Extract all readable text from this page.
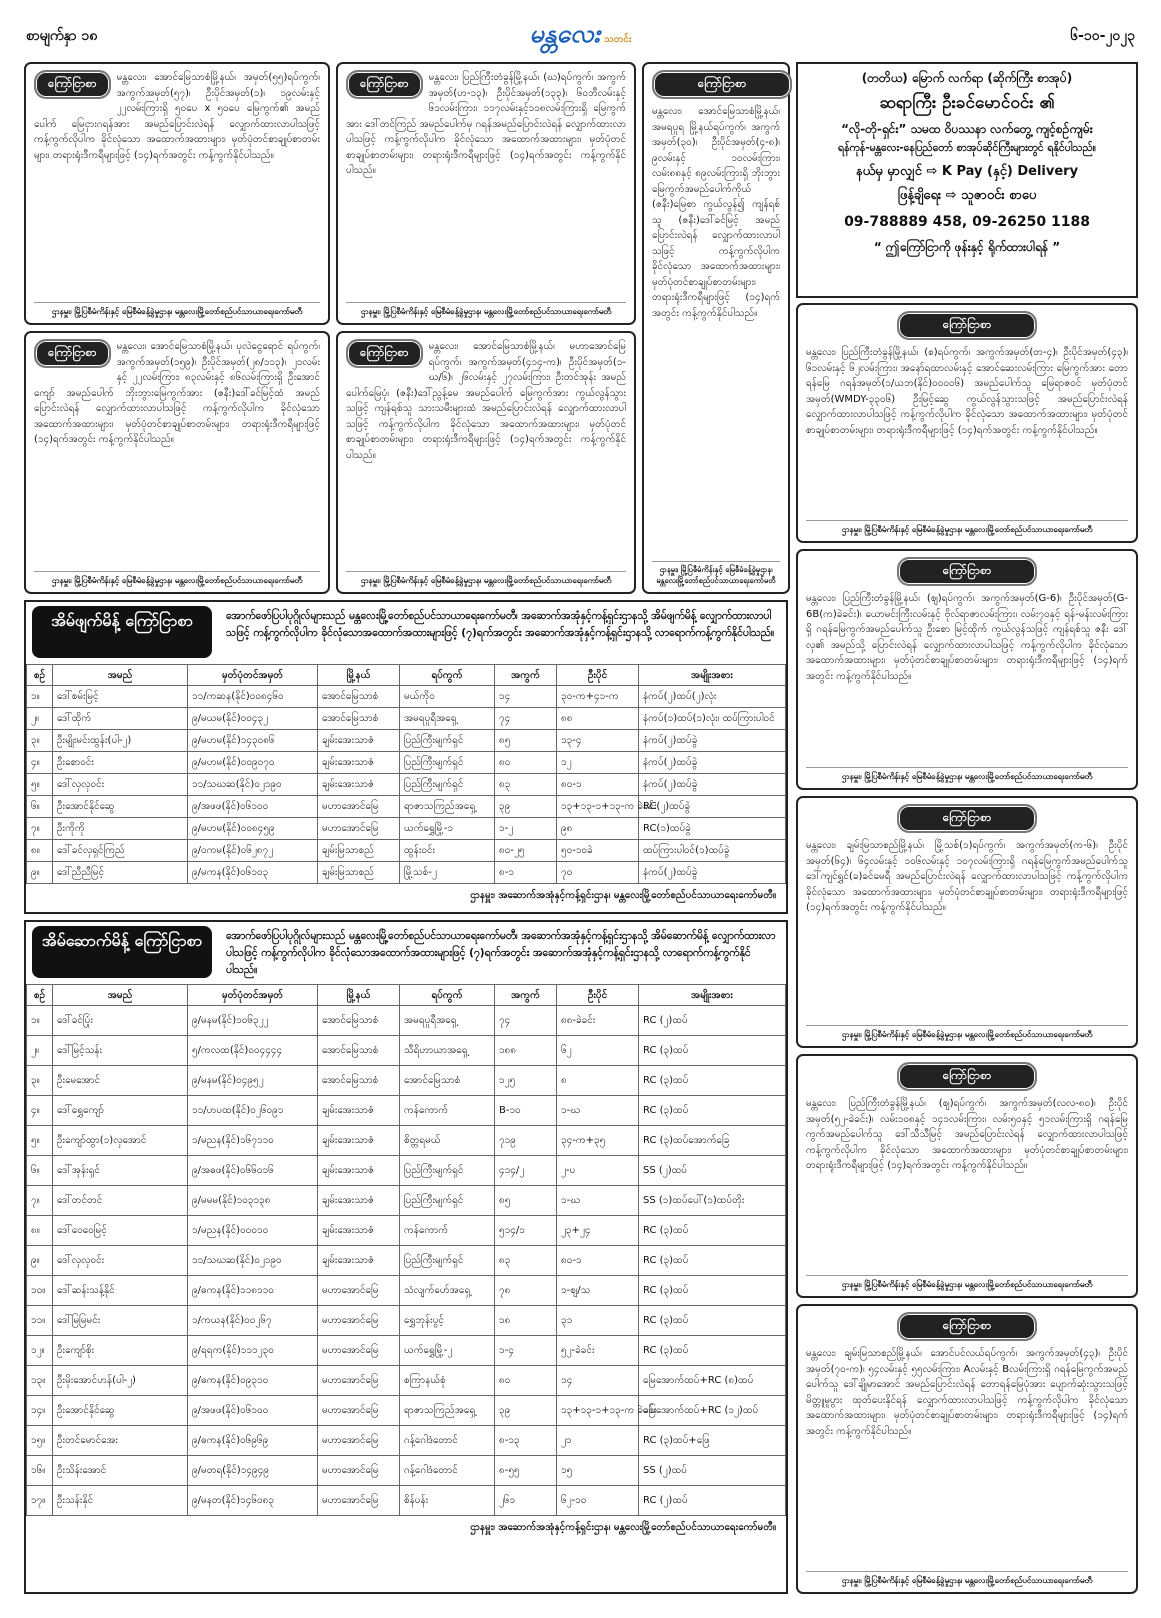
စာမျက်နှာ ၁၈	မန္တလေး သတင်း	၆-၁၀-၂၀၂၃
ကြော်ငြာစာ	မန္တလေး၊ အောင်မြေသာစံမြို့နယ်၊ အမှတ်(၅၅)ရပ်ကွက်၊ အကွက်အမှတ်(၅၇)၊ ဦးပိုင်အမှတ်(၁)၊ ၁၉လမ်းနှင့် ၂၂လမ်းကြားရှိ ၅၀ပေ x ၅၀ပေ မြေကွက်၏ အမည်ပေါက် မြေငှားဂရန်အား အမည်ပြောင်းလဲရန် လျှောက်ထားလာပါသဖြင့် ကန့်ကွက်လိုပါက ခိုင်လုံသော အထောက်အထားများ၊ မှတ်ပုံတင်စာချုပ်စာတမ်းများ၊ တရားရုံးဒီကရီများဖြင့် (၁၄)ရက်အတွင်း ကန့်ကွက်နိုင်ပါသည်။
ဌာနမှူး၊ မြို့ပြစီမံကိန်းနှင့် မြေစီမံခန့်ခွဲမှုဌာန၊ မန္တလေးမြို့တော်စည်ပင်သာယာရေးကော်မတီ
ကြော်ငြာစာ	မန္တလေး၊ ပြည်ကြီးတံခွန်မြို့နယ်၊ (ဃ)ရပ်ကွက်၊ အကွက်အမှတ်(ဟ-၁၃)၊ ဦးပိုင်အမှတ်(၁၃၃)၊ ၆၀ဘီလမ်းနှင့် ၆၁လမ်းကြား၊ ၁၁၇လမ်းနှင့်၁၁၈လမ်းကြားရှိ မြေကွက်အား ဒေါ်တင်ကြည် အမည်ပေါက်မှ ဂရန်အမည်ပြောင်းလဲရန် လျှောက်ထားလာပါသဖြင့် ကန့်ကွက်လိုပါက ခိုင်လုံသော အထောက်အထားများ၊ မှတ်ပုံတင်စာချုပ်စာတမ်းများ၊ တရားရုံးဒီကရီများဖြင့် (၁၄)ရက်အတွင်း ကန့်ကွက်နိုင်ပါသည်။
ဌာနမှူး၊ မြို့ပြစီမံကိန်းနှင့် မြေစီမံခန့်ခွဲမှုဌာန၊ မန္တလေးမြို့တော်စည်ပင်သာယာရေးကော်မတီ
ကြော်ငြာစာ
မန္တလေး၊ အောင်မြေသာစံမြို့နယ်၊ အမရပူရ မြို့နယ်ရပ်ကွက်၊ အကွက်အမှတ်(၃၀)၊ ဦးပိုင်အမှတ်(၄-၈)၊ ၉လမ်းနှင့် ၁၀လမ်းကြား၊ လမ်း၈၈နှင့် ၈၉လမ်းကြားရှိ ဘိုးဘွား မြေကွက်အမည်ပေါက်ကိုယ် (ဇနီး)မြေစာ ကွယ်လွန်၍ ကျန်ရစ်သူ (ဇနီး)ဒေါ်ခင်မြင့် အမည်ပြောင်းလဲရန် လျှောက်ထားလာပါသဖြင့် ကန့်ကွက်လိုပါက ခိုင်လုံသော အထောက်အထားများ၊ မှတ်ပုံတင်စာချုပ်စာတမ်းများ၊ တရားရုံးဒီကရီများဖြင့် (၁၄)ရက်အတွင်း ကန့်ကွက်နိုင်ပါသည်။
ဌာနမှူး၊ မြို့ပြစီမံကိန်းနှင့် မြေစီမံခန့်ခွဲမှုဌာန၊ မန္တလေးမြို့တော်စည်ပင်သာယာရေးကော်မတီ
ကြော်ငြာစာ	မန္တလေး၊ အောင်မြေသာစံမြို့နယ်၊ ပုလဲငွေရောင် ရပ်ကွက်၊ အကွက်အမှတ်(၁၅၉)၊ ဦးပိုင်အမှတ်(၂၈/၁၁၃)၊ ၂၁လမ်းနှင့် ၂၂လမ်းကြား၊ ၈၃လမ်းနှင့် ၈၆လမ်းကြားရှိ ဦးအောင်ကျော် အမည်ပေါက် ဘိုးဘွားမြေကွက်အား (ဇနီး)ဒေါ်ခင်မြင့်ထံ အမည်ပြောင်းလဲရန် လျှောက်ထားလာပါသဖြင့် ကန့်ကွက်လိုပါက ခိုင်လုံသော အထောက်အထားများ၊ မှတ်ပုံတင်စာချုပ်စာတမ်းများ၊ တရားရုံးဒီကရီများဖြင့် (၁၄)ရက်အတွင်း ကန့်ကွက်နိုင်ပါသည်။
ဌာနမှူး၊ မြို့ပြစီမံကိန်းနှင့် မြေစီမံခန့်ခွဲမှုဌာန၊ မန္တလေးမြို့တော်စည်ပင်သာယာရေးကော်မတီ
ကြော်ငြာစာ	မန္တလေး၊ အောင်မြေသာစံမြို့နယ်၊ မဟာအောင်မြေ ရပ်ကွက်၊ အကွက်အမှတ်(၄၁၄-က)၊ ဦးပိုင်အမှတ်(၁-ဃ/၆)၊ ၂၆လမ်းနှင့် ၂၇လမ်းကြား၊ ဦးတင်အုန်း အမည်ပေါက်မြေပုံ၊ (ဇနီး)ဒေါ်ညွန့်မေ အမည်ပေါက် မြေကွက်အား ကွယ်လွန်သွားသဖြင့် ကျန်ရစ်သူ သားသမီးများထံ အမည်ပြောင်းလဲရန် လျှောက်ထားလာပါသဖြင့် ကန့်ကွက်လိုပါက ခိုင်လုံသော အထောက်အထားများ၊ မှတ်ပုံတင်စာချုပ်စာတမ်းများ၊ တရားရုံးဒီကရီများဖြင့် (၁၄)ရက်အတွင်း ကန့်ကွက်နိုင်ပါသည်။
ဌာနမှူး၊ မြို့ပြစီမံကိန်းနှင့် မြေစီမံခန့်ခွဲမှုဌာန၊ မန္တလေးမြို့တော်စည်ပင်သာယာရေးကော်မတီ
(တတိယ) မြောက် လက်ရာ (ဆိုက်ကြီး စာအုပ်)
ဆရာကြီး ဦးခင်မောင်ဝင်း ၏
“လို-တို-ရှင်း” သမထ ဝိပဿနာ လက်တွေ့ ကျင့်စဉ်ကျမ်း
ရန်ကုန်-မန္တလေး-နေပြည်တော် စာအုပ်ဆိုင်ကြီးများတွင် ရနိုင်ပါသည်။
နယ်မှ မှာလျှင် ⇨ K Pay (နှင့်) Delivery
ဖြန့်ချိရေး ⇨ သူဇာဝင်း စာပေ
09-788889 458, 09-26250 1188
“ ဤကြော်ငြာကို ဖုန်းနှင့် ရိုက်ထားပါရန် ”
ကြော်ငြာစာ
မန္တလေး၊ ပြည်ကြီးတံခွန်မြို့နယ်၊ (စ)ရပ်ကွက်၊ အကွက်အမှတ်(တ-၄)၊ ဦးပိုင်အမှတ်(၄၃)၊ ၆၁လမ်းနှင့် ၆၂လမ်းကြား၊ အနော်ရထာလမ်းနှင့် အောင်ဆေးလမ်းကြား မြေကွက်အား တောရန်မြေ ဂရန်အမှတ်(၁/ယဘ(နိုင်)၀၀၀၀၆) အမည်ပေါက်သူ မြေရာဇဝင် မှတ်ပုံတင်အမှတ်(WMDY-၃၃၀၆) ဦးမြင့်ဆွေ ကွယ်လွန်သွားသဖြင့် အမည်ပြောင်းလဲရန် လျှောက်ထားလာပါသဖြင့် ကန့်ကွက်လိုပါက ခိုင်လုံသော အထောက်အထားများ၊ မှတ်ပုံတင်စာချုပ်စာတမ်းများ၊ တရားရုံးဒီကရီများဖြင့် (၁၄)ရက်အတွင်း ကန့်ကွက်နိုင်ပါသည်။
ဌာနမှူး၊ မြို့ပြစီမံကိန်းနှင့် မြေစီမံခန့်ခွဲမှုဌာန၊ မန္တလေးမြို့တော်စည်ပင်သာယာရေးကော်မတီ
ကြော်ငြာစာ
မန္တလေး၊ ပြည်ကြီးတံခွန်မြို့နယ်၊ (ဈ)ရပ်ကွက်၊ အကွက်အမှတ်(G-6)၊ ဦးပိုင်အမှတ်(G-6B(က)ခဲခင်း)၊ ယောမင်းကြီးလမ်းနှင့် ဗိုလ်ရာဇာလမ်းကြား၊ လမ်း၇၀နှင့် ရန်-မန်းလမ်းကြားရှိ ဂရန်မြေကွက်အမည်ပေါက်သူ ဦးစော မြင့်ထိုက် ကွယ်လွန်သဖြင့် ကျန်ရစ်သူ ဇနီး ဒေါ်လှ၏ အမည်သို့ ပြောင်းလဲရန် လျှောက်ထားလာပါသဖြင့် ကန့်ကွက်လိုပါက ခိုင်လုံသော အထောက်အထားများ၊ မှတ်ပုံတင်စာချုပ်စာတမ်းများ၊ တရားရုံးဒီကရီများဖြင့် (၁၄)ရက်အတွင်း ကန့်ကွက်နိုင်ပါသည်။
ဌာနမှူး၊ မြို့ပြစီမံကိန်းနှင့် မြေစီမံခန့်ခွဲမှုဌာန၊ မန္တလေးမြို့တော်စည်ပင်သာယာရေးကော်မတီ
ကြော်ငြာစာ
မန္တလေး၊ ချမ်းမြသာစည်မြို့နယ်၊ မြို့သစ်(၁)ရပ်ကွက်၊ အကွက်အမှတ်(က-၆)၊ ဦးပိုင်အမှတ်(၆၄)၊ ၆၄လမ်းနှင့် ၁၀၆လမ်းနှင့် ၁၀၇လမ်းကြားရှိ ဂရန်မြေကွက်အမည်ပေါက်သူ ဒေါ်ကျင်ရွှင်(ခ)ခင်မေရီ အမည်ပြောင်းလဲရန် လျှောက်ထားလာပါသဖြင့် ကန့်ကွက်လိုပါက ခိုင်လုံသော အထောက်အထားများ၊ မှတ်ပုံတင်စာချုပ်စာတမ်းများ၊ တရားရုံးဒီကရီများဖြင့် (၁၄)ရက်အတွင်း ကန့်ကွက်နိုင်ပါသည်။
ဌာနမှူး၊ မြို့ပြစီမံကိန်းနှင့် မြေစီမံခန့်ခွဲမှုဌာန၊ မန္တလေးမြို့တော်စည်ပင်သာယာရေးကော်မတီ
ကြော်ငြာစာ
မန္တလေး၊ ပြည်ကြီးတံခွန်မြို့နယ်၊ (ဈ)ရပ်ကွက်၊ အကွက်အမှတ်(လလ-၈၀)၊ ဦးပိုင်အမှတ်(၅၂-ခဲခင်း)၊ လမ်း၁၀၈နှင့် ၁၄၁လမ်းကြား၊ လမ်း၅၀နှင့် ၅၁လမ်းကြားရှိ ဂရန်မြေကွက်အမည်ပေါက်သူ ဒေါ်သီသီမြင့် အမည်ပြောင်းလဲရန် လျှောက်ထားလာပါသဖြင့် ကန့်ကွက်လိုပါက ခိုင်လုံသော အထောက်အထားများ၊ မှတ်ပုံတင်စာချုပ်စာတမ်းများ၊ တရားရုံးဒီကရီများဖြင့် (၁၄)ရက်အတွင်း ကန့်ကွက်နိုင်ပါသည်။
ဌာနမှူး၊ မြို့ပြစီမံကိန်းနှင့် မြေစီမံခန့်ခွဲမှုဌာန၊ မန္တလေးမြို့တော်စည်ပင်သာယာရေးကော်မတီ
ကြော်ငြာစာ
မန္တလေး၊ ချမ်းမြသာစည်မြို့နယ်၊ အောင်ပင်လယ်ရပ်ကွက်၊ အကွက်အမှတ်(၄၃)၊ ဦးပိုင်အမှတ်(၇၀-က)၊ ၅၄လမ်းနှင့် ၅၅လမ်းကြား၊ Aလမ်းနှင့် Bလမ်းကြားရှိ ဂရန်မြေကွက်အမည်ပေါက်သူ ဒေါ်ချိုမာအောင် အမည်ပြောင်းလဲရန် တောရန်မြေပုံအား ပျောက်ဆုံးသွားသဖြင့် မိတ္တူမူပွား ထုတ်ပေးနိုင်ရန် လျှောက်ထားလာပါသဖြင့် ကန့်ကွက်လိုပါက ခိုင်လုံသော အထောက်အထားများ၊ မှတ်ပုံတင်စာချုပ်စာတမ်းများ၊ တရားရုံးဒီကရီများဖြင့် (၁၄)ရက်အတွင်း ကန့်ကွက်နိုင်ပါသည်။
ဌာနမှူး၊ မြို့ပြစီမံကိန်းနှင့် မြေစီမံခန့်ခွဲမှုဌာန၊ မန္တလေးမြို့တော်စည်ပင်သာယာရေးကော်မတီ
အိမ်ဖျက်မိန့် ကြော်ငြာစာ	အောက်ဖော်ပြပါပုဂ္ဂိုလ်များသည် မန္တလေးမြို့တော်စည်ပင်သာယာရေးကော်မတီ၊ အဆောက်အအုံနှင့်ကန့်ရှင်းဌာနသို့ အိမ်ဖျက်မိန့် လျှောက်ထားလာပါသဖြင့် ကန့်ကွက်လိုပါက ခိုင်လုံသောအထောက်အထားများဖြင့် (၇)ရက်အတွင်း အဆောက်အအုံနှင့်ကန့်ရှင်းဌာနသို့ လာရောက်ကန့်ကွက်နိုင်ပါသည်။
စဉ်	အမည်	မှတ်ပုံတင်အမှတ်	မြို့နယ်	ရပ်ကွက်	အကွက်	ဦးပိုင်	အမျိုးအစား
၁။	ဒေါ်စမ်းမြင့်	၁၁/ကဆန(နိုင်)၀၀၈၄၆၀	အောင်မြေသာစံ	မယ်ကိုဝ	၁၄	၃၀-က+၄၁-က	နံကပ်(၂)ထပ်(၂)လုံး
၂။	ဒေါ်ထိုက်	၉/မယမ(နိုင်)၀၀၄၃၂	အောင်မြေသာစံ	အမရပူရီအရှေ့	၇၄	၈၈	နံကပ်(၁)ထပ်(၁)လုံး၊ ထပ်ကြားပါဝင်
၃။	ဦးမျိုးမင်းထွန်း(ပါ-၂)	၉/မဟမ(နိုင်)၁၄၃၀၈၆	ချမ်းအေးသာဇံ	ပြည်ကြီးမျက်ရှင်	၈၅	၁၃-၄	နံကပ်(၂)ထပ်ခွဲ
၄။	ဦးစောဝင်း	၉/မဟမ(နိုင်)၀၀၉၀၇၀	ချမ်းအေးသာဇံ	ပြည်ကြီးမျက်ရှင်	၈၀	၁၂	နံကပ်(၂)ထပ်ခွဲ
၅။	ဒေါ်လှလှဝင်း	၁၁/သဃဆ(နိုင်)၀၂၁၉၀	ချမ်းအေးသာဇံ	ပြည်ကြီးမျက်ရှင်	၈၃	၈၀-၁	နံကပ်(၂)ထပ်ခွဲ
၆။	ဦးအောင်နိုင်ဆွေ	၉/အဖဖ(နိုင်)၀၆၁၀၀	မဟာအောင်မြေ	ရာဇာသကြည်အရှေ့	၃၉	၁၃+၁၃-၁+၁၃-က ခဲခင်း	RC(၂)ထပ်ခွဲ
၇။	ဦးကိုကို	၉/မဟမ(နိုင်)၀၀၈၄၅၉	မဟာအောင်မြေ	ယက်ရွှေမြို့-၁	၁-၂	၉၈	RC(၁)ထပ်ခွဲ
၈။	ဒေါ်ခင်လှရှင်ကြည်	၉/ဝကမ(နိုင်)၀၆၂၈၇၂	ချမ်းမြသာစည်	ထွန်းဝင်း	၈၀-၂၅	၅၀-၁၀ခဲ	ထပ်ကြားပါဝင်(၁)ထပ်ခွဲ
၉။	ဒေါ်ညီညီမြင့်	၉/မကန(နိုင်)၀၆၁၀၃	ချမ်းမြသာစည်	မြို့သစ်-၂	၈-၁	၇၀	နံကပ်(၂)ထပ်ခွဲ
ဌာနမှူး၊ အဆောက်အအုံနှင့်ကန့်ရှင်းဌာန၊ မန္တလေးမြို့တော်စည်ပင်သာယာရေးကော်မတီ။
အိမ်ဆောက်မိန့် ကြော်ငြာစာ	အောက်ဖော်ပြပါပုဂ္ဂိုလ်များသည် မန္တလေးမြို့တော်စည်ပင်သာယာရေးကော်မတီ၊ အဆောက်အအုံနှင့်ကန့်ရှင်းဌာနသို့ အိမ်ဆောက်မိန့် လျှောက်ထားလာပါသဖြင့် ကန့်ကွက်လိုပါက ခိုင်လုံသောအထောက်အထားများဖြင့် (၇)ရက်အတွင်း အဆောက်အအုံနှင့်ကန့်ရှင်းဌာနသို့ လာရောက်ကန့်ကွက်နိုင်ပါသည်။
စဉ်	အမည်	မှတ်ပုံတင်အမှတ်	မြို့နယ်	ရပ်ကွက်	အကွက်	ဦးပိုင်	အမျိုးအစား
၁။	ဒေါ်ခင်ပြုံး	၉/မနမ(နိုင်)၁၀၆၃၂၂	အောင်မြေသာစံ	အမရပူရီအရှေ့	၇၄	၈၈-ခဲခင်း	RC (၂)ထပ်
၂။	ဒေါ်မြင့်သန်း	၅/ကလထ(နိုင်)၀၀၄၄၄၄	အောင်မြေသာစံ	သီရိဟာယာအရှေ့	၁၈၈	၆၂	RC (၃)ထပ်
၃။	ဦးမေအောင်	၉/မနမ(နိုင်)၀၄၉၅၂	အောင်မြေသာစံ	အောင်မြေသာစံ	၁၂၅	၈	RC (၃)ထပ်
၄။	ဒေါ်ရွှေကျော်	၁၁/ဟပထ(နိုင်)၀၂၆၀၉၁	ချမ်းအေးသာဇံ	ကန်ကောက်	B-၁၀	၁-ဃ	RC (၃)ထပ်
၅။	ဦးကျော်ထွာ(၁)လှအောင်	၁/မညန(နိုင်)၁၆၇၁၁၀	ချမ်းအေးသာဇံ	စိတ္တရမယ်	၇၁၉	၃၄-က+၃၅	RC (၃)ထပ်အောက်ခြေ
၆။	ဒေါ်အုန်းရှင်	၉/အဓဖ(နိုင်)၀၆၆၀၁၆	ချမ်းအေးသာဇံ	ပြည်ကြီးမျက်ရှင်	၄၁၄/၂	၂-ပ	SS (၂)ထပ်
၇။	ဒေါ်တင်တင်	၉/မမမ(နိုင်)၁၀၃၁၃၈	ချမ်းအေးသာဇံ	ပြည်ကြီးမျက်ရှင်	၈၅	၁-ဃ	SS (၁)ထပ်ပေါ်(၁)ထပ်တိုး
၈။	ဒေါ်ဝေဝေမြင့်	၁/မညန(နိုင်)၀၀၀၁၀	ချမ်းအေးသာဇံ	ကန်ကောက်	၅၁၄/၁	၂၃+၂၄	RC (၃)ထပ်
၉။	ဒေါ်လှလှဝင်း	၁၁/သဃဆ(နိုင်)၀၂၁၉၀	ချမ်းအေးသာဇံ	ပြည်ကြီးမျက်ရှင်	၈၃	၈၀-၁	RC (၃)ထပ်
၁၀။	ဒေါ်ဆန်းသန့်နိုင်	၉/ဓကန(နိုင်)၁၁၈၁၁၀	မဟာအောင်မြေ	သံလျက်ပော်အရှေ့	၇၈	၁-ဈ/သ	RC (၃)ထပ်
၁၁။	ဒေါ်မြမြမင်း	၁/ကယန(နိုင်)၀၀၂၆၇	မဟာအောင်မြေ	ရွှေဘုန်းပွင့်	၁၈	၃၁	RC (၃)ထပ်
၁၂။	ဦးကျော်စိုး	၉/ရရက(နိုင်)၁၁၁၂၃၀	မဟာအောင်မြေ	ယက်ရွှေမြို့-၂	၁-၄	၅၂-ခဲခင်း	RC (၃)ထပ်
၁၃။	ဦးမိုးအောင်ဟန်(ပါ-၂)	၉/ဓကန(နိုင်)၀၉၃၁၀	မဟာအောင်မြေ	စကြာနယ်စုံ	၈၀	၁၄	မြေအောက်ထပ်+RC (၈)ထပ်
၁၄။	ဦးအောင်နိုင်ဆွေ	၉/အဖဖ(နိုင်)၀၆၁၀၀	မဟာအောင်မြေ	ရာဇာသကြည်အရှေ့	၃၉	၁၃+၁၃-၁+၁၃-က ခဲခင်း	မြေအောက်ထပ်+RC (၁၂)ထပ်
၁၅။	ဦးတင်မောင်အေး	၉/ဓကန(နိုင်)၀၆၉၆၉	မဟာအောင်မြေ	ဂန့်ဂေါဒံတောင်	၈-၁၃	၂၁	RC (၃)ထပ်+ဖြေ
၁၆။	ဦးသိန်းအောင်	၉/မတရ(နိုင်)၁၄၉၄၉	မဟာအောင်မြေ	ဂန့်ဂေါဒံတောင်	၈-၅၅	၁၅	SS (၂)ထပ်
၁၇။	ဦးသန်းနိုင်	၉/မနတ(နိုင်)၁၄၆၀၈၃	မဟာအောင်မြေ	စိန်ပန်း	၂၆၁	၆၂-၁၀	RC (၂)ထပ်
ဌာနမှူး၊ အဆောက်အအုံနှင့်ကန့်ရှင်းဌာန၊ မန္တလေးမြို့တော်စည်ပင်သာယာရေးကော်မတီ။
